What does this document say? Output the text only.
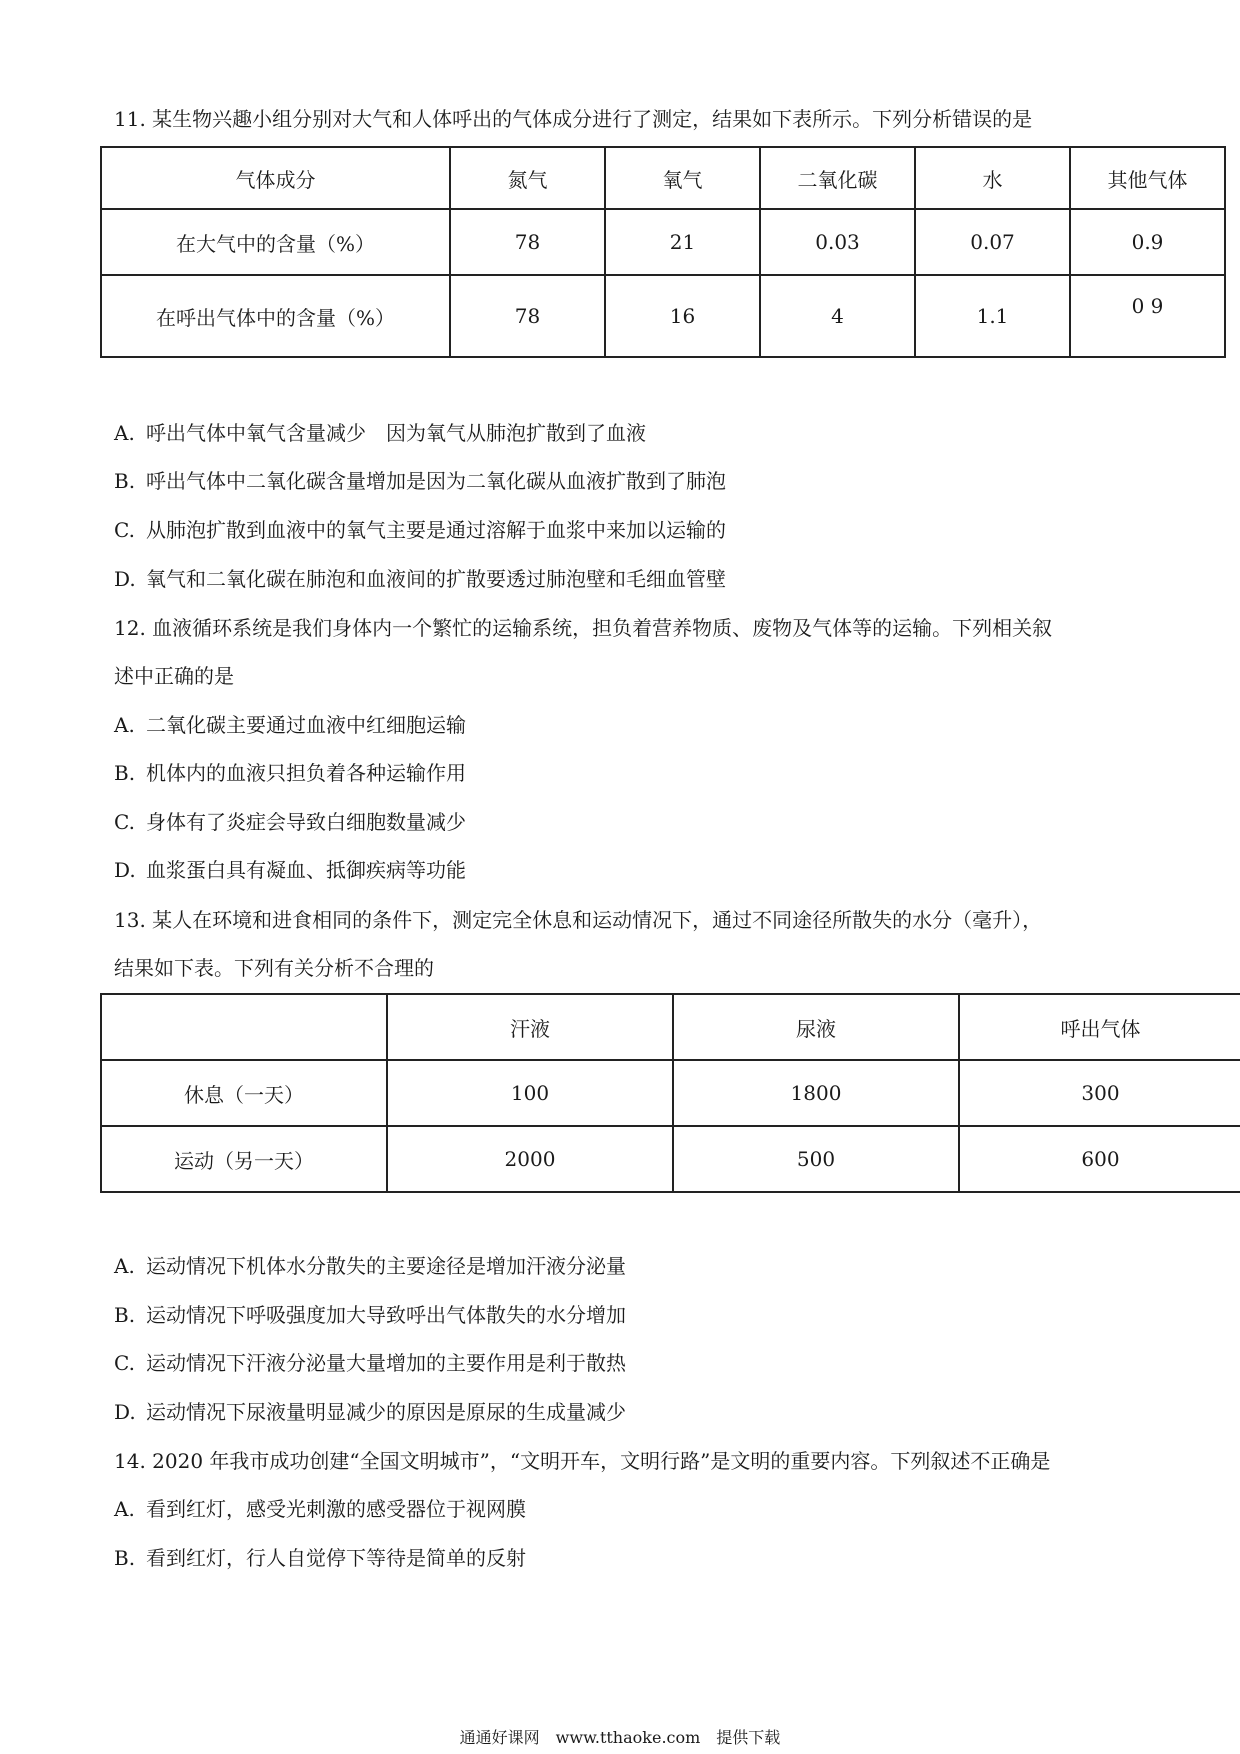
11. 某生物兴趣小组分别对大气和人体呼出的气体成分进行了测定，结果如下表所示。下列分析错误的是
气体成分	氮气	氧气	二氧化碳	水	其他气体
在大气中的含量（%）	78	21	0.03	0.07	0.9
在呼出气体中的含量（%）	78	16	4	1.1	0 9
A. 呼出气体中氧气含量减少　因为氧气从肺泡扩散到了血液
B. 呼出气体中二氧化碳含量增加是因为二氧化碳从血液扩散到了肺泡
C. 从肺泡扩散到血液中的氧气主要是通过溶解于血浆中来加以运输的
D. 氧气和二氧化碳在肺泡和血液间的扩散要透过肺泡壁和毛细血管壁
12. 血液循环系统是我们身体内一个繁忙的运输系统，担负着营养物质、废物及气体等的运输。下列相关叙
述中正确的是
A. 二氧化碳主要通过血液中红细胞运输
B. 机体内的血液只担负着各种运输作用
C. 身体有了炎症会导致白细胞数量减少
D. 血浆蛋白具有凝血、抵御疾病等功能
13. 某人在环境和进食相同的条件下，测定完全休息和运动情况下，通过不同途径所散失的水分（毫升），
结果如下表。下列有关分析不合理的
	汗液	尿液	呼出气体
休息（一天）	100	1800	300
运动（另一天）	2000	500	600
A. 运动情况下机体水分散失的主要途径是增加汗液分泌量
B. 运动情况下呼吸强度加大导致呼出气体散失的水分增加
C. 运动情况下汗液分泌量大量增加的主要作用是利于散热
D. 运动情况下尿液量明显减少的原因是原尿的生成量减少
14. 2020 年我市成功创建“全国文明城市”，“文明开车，文明行路”是文明的重要内容。下列叙述不正确是
A. 看到红灯，感受光刺激的感受器位于视网膜
B. 看到红灯，行人自觉停下等待是简单的反射
通通好课网　www.tthaoke.com　提供下载
